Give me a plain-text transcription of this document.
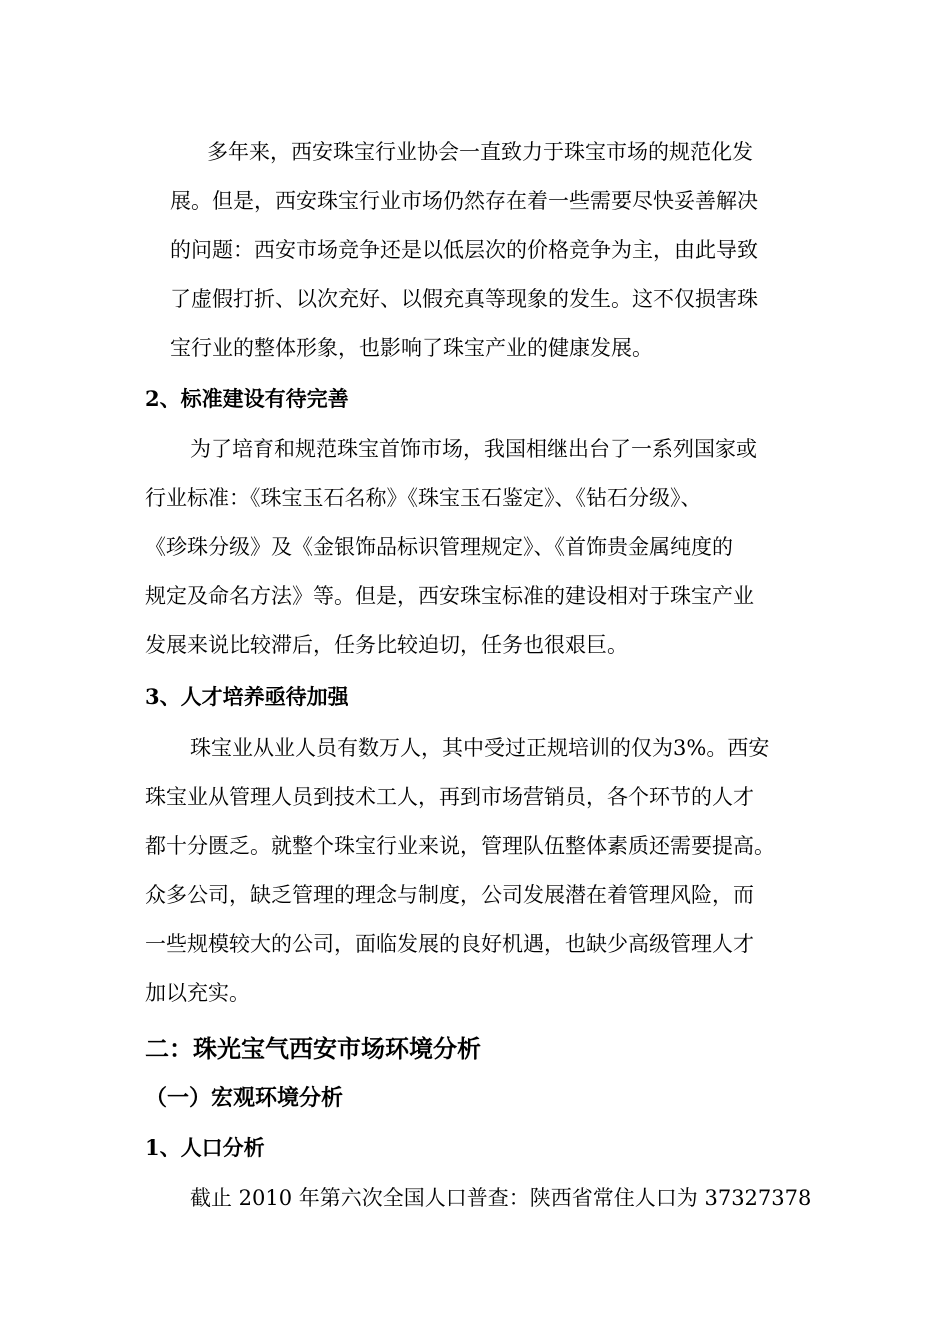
多年来，西安珠宝行业协会一直致力于珠宝市场的规范化发
展。但是，西安珠宝行业市场仍然存在着一些需要尽快妥善解决
的问题：西安市场竞争还是以低层次的价格竞争为主，由此导致
了虚假打折、以次充好、以假充真等现象的发生。这不仅损害珠
宝行业的整体形象，也影响了珠宝产业的健康发展。
2、标准建设有待完善
为了培育和规范珠宝首饰市场，我国相继出台了一系列国家或
行业标准：《珠宝玉石名称》《珠宝玉石鉴定》、《钻石分级》、
《珍珠分级》及《金银饰品标识管理规定》、《首饰贵金属纯度的
规定及命名方法》等。但是，西安珠宝标准的建设相对于珠宝产业
发展来说比较滞后，任务比较迫切，任务也很艰巨。
3、人才培养亟待加强
珠宝业从业人员有数万人，其中受过正规培训的仅为3%。西安
珠宝业从管理人员到技术工人，再到市场营销员，各个环节的人才
都十分匮乏。就整个珠宝行业来说，管理队伍整体素质还需要提高。
众多公司，缺乏管理的理念与制度，公司发展潜在着管理风险，而
一些规模较大的公司，面临发展的良好机遇，也缺少高级管理人才
加以充实。
二：珠光宝气西安市场环境分析
（一）宏观环境分析
1、人口分析
截止 2010 年第六次全国人口普查：陕西省常住人口为 37327378
